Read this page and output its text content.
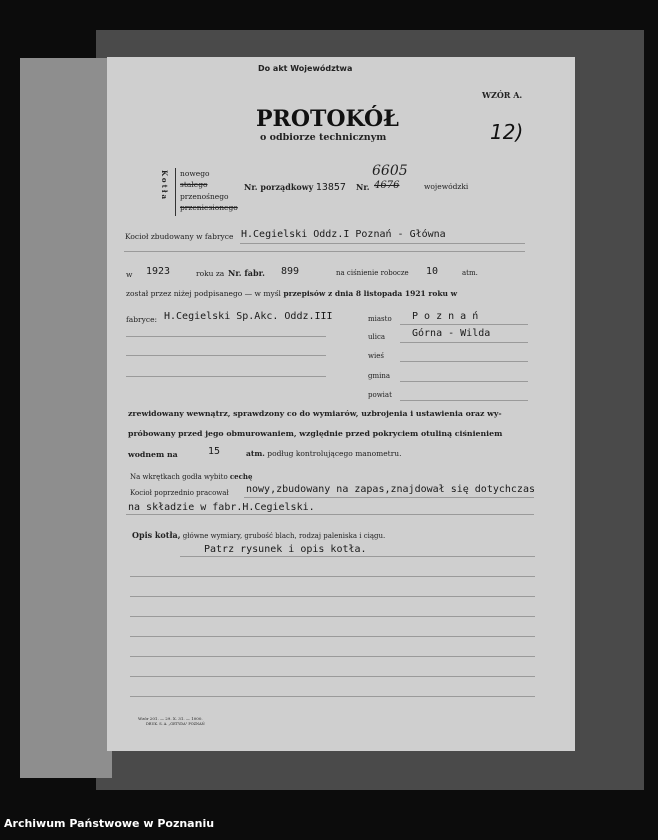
Do akt Województwa
WZÓR A.
PROTOKÓŁ
o odbiorze technicznym	12)
Kotła nowego
stałego
przenośnego
przeniesionego
Nr. porządkowy 13857 Nr. 4676
6605
wojewódzki
Kocioł zbudowany w fabryce H.Cegielski Oddz.I Poznań - Główna
w 1923	roku za Nr. fabr. 899	na ciśnienie robocze 10	atm.
został przez niżej podpisanego — w myśl przepisów z dnia 8 listopada 1921 roku w
fabryce: H.Cegielski Sp.Akc. Oddz.III	miasto P o z n a ń
ulica	Górna - Wilda
wieś
gmina
powiat
zrewidowany wewnątrz, sprawdzony co do wymiarów, uzbrojenia i ustawienia oraz wy-
próbowany przed jego obmurowaniem, względnie przed pokryciem otuliną ciśnieniem
wodnem na	15	atm. podług kontrolującego manometru.
Na wkrętkach godła wybito cechę
Kocioł poprzednio pracował nowy,zbudowany na zapas,znajdował się dotychczas
na składzie w fabr.H.Cegielski.
Opis kotła, główne wymiary, grubość blach, rodzaj paleniska i ciągu.
Patrz rysunek i opis kotła.
Wzór 201. — 29. X. 31. — 1000.
DRUK. S. A. „GETYDA" POZNAŃ
Archiwum Państwowe w Poznaniu
